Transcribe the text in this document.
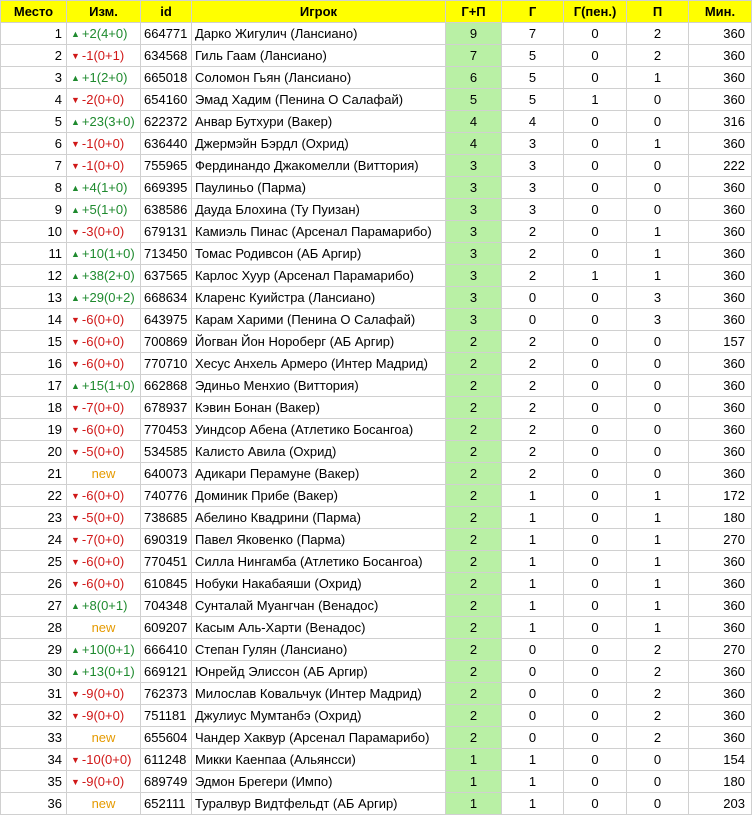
Место	Изм.	id	Игрок	Г+П	Г	Г(пен.)	П	Мин.
1	▲ +2(4+0)	664771	Дарко Жигулич (Лансиано)	9	7	0	2	360
2	▼ -1(0+1)	634568	Гиль Гаам (Лансиано)	7	5	0	2	360
3	▲ +1(2+0)	665018	Соломон Гьян (Лансиано)	6	5	0	1	360
4	▼ -2(0+0)	654160	Эмад Хадим (Пенина О Салафай)	5	5	1	0	360
5	▲ +23(3+0)	622372	Анвар Бутхури (Вакер)	4	4	0	0	316
6	▼ -1(0+0)	636440	Джермэйн Бэрдл (Охрид)	4	3	0	1	360
7	▼ -1(0+0)	755965	Фердинандо Джакомелли (Виттория)	3	3	0	0	222
8	▲ +4(1+0)	669395	Паулиньо (Парма)	3	3	0	0	360
9	▲ +5(1+0)	638586	Дауда Блохина (Ту Пуизан)	3	3	0	0	360
10	▼ -3(0+0)	679131	Камиэль Пинас (Арсенал Парамарибо)	3	2	0	1	360
11	▲ +10(1+0)	713450	Томас Родивсон (АБ Аргир)	3	2	0	1	360
12	▲ +38(2+0)	637565	Карлос Хуур (Арсенал Парамарибо)	3	2	1	1	360
13	▲ +29(0+2)	668634	Кларенс Куийстра (Лансиано)	3	0	0	3	360
14	▼ -6(0+0)	643975	Карам Харими (Пенина О Салафай)	3	0	0	3	360
15	▼ -6(0+0)	700869	Йогван Йон Нороберг (АБ Аргир)	2	2	0	0	157
16	▼ -6(0+0)	770710	Хесус Анхель Армеро (Интер Мадрид)	2	2	0	0	360
17	▲ +15(1+0)	662868	Эдиньо Менхио (Виттория)	2	2	0	0	360
18	▼ -7(0+0)	678937	Кэвин Бонан (Вакер)	2	2	0	0	360
19	▼ -6(0+0)	770453	Уиндсор Абена (Атлетико Босангоа)	2	2	0	0	360
20	▼ -5(0+0)	534585	Калисто Авила (Охрид)	2	2	0	0	360
21	new	640073	Адикари Перамуне (Вакер)	2	2	0	0	360
22	▼ -6(0+0)	740776	Доминик Прибе (Вакер)	2	1	0	1	172
23	▼ -5(0+0)	738685	Абелино Квадрини (Парма)	2	1	0	1	180
24	▼ -7(0+0)	690319	Павел Яковенко (Парма)	2	1	0	1	270
25	▼ -6(0+0)	770451	Силла Нингамба (Атлетико Босангоа)	2	1	0	1	360
26	▼ -6(0+0)	610845	Нобуки Накабаяши (Охрид)	2	1	0	1	360
27	▲ +8(0+1)	704348	Сунталай Муангчан (Венадос)	2	1	0	1	360
28	new	609207	Касым Аль-Харти (Венадос)	2	1	0	1	360
29	▲ +10(0+1)	666410	Степан Гулян (Лансиано)	2	0	0	2	270
30	▲ +13(0+1)	669121	Юнрейд Элиссон (АБ Аргир)	2	0	0	2	360
31	▼ -9(0+0)	762373	Милослав Ковальчук (Интер Мадрид)	2	0	0	2	360
32	▼ -9(0+0)	751181	Джулиус Мумтанбэ (Охрид)	2	0	0	2	360
33	new	655604	Чандер Хаквур (Арсенал Парамарибо)	2	0	0	2	360
34	▼ -10(0+0)	611248	Микки Каенпаа (Альянсси)	1	1	0	0	154
35	▼ -9(0+0)	689749	Эдмон Брегери (Импо)	1	1	0	0	180
36	new	652111	Туралвур Видтфельдт (АБ Аргир)	1	1	0	0	203
